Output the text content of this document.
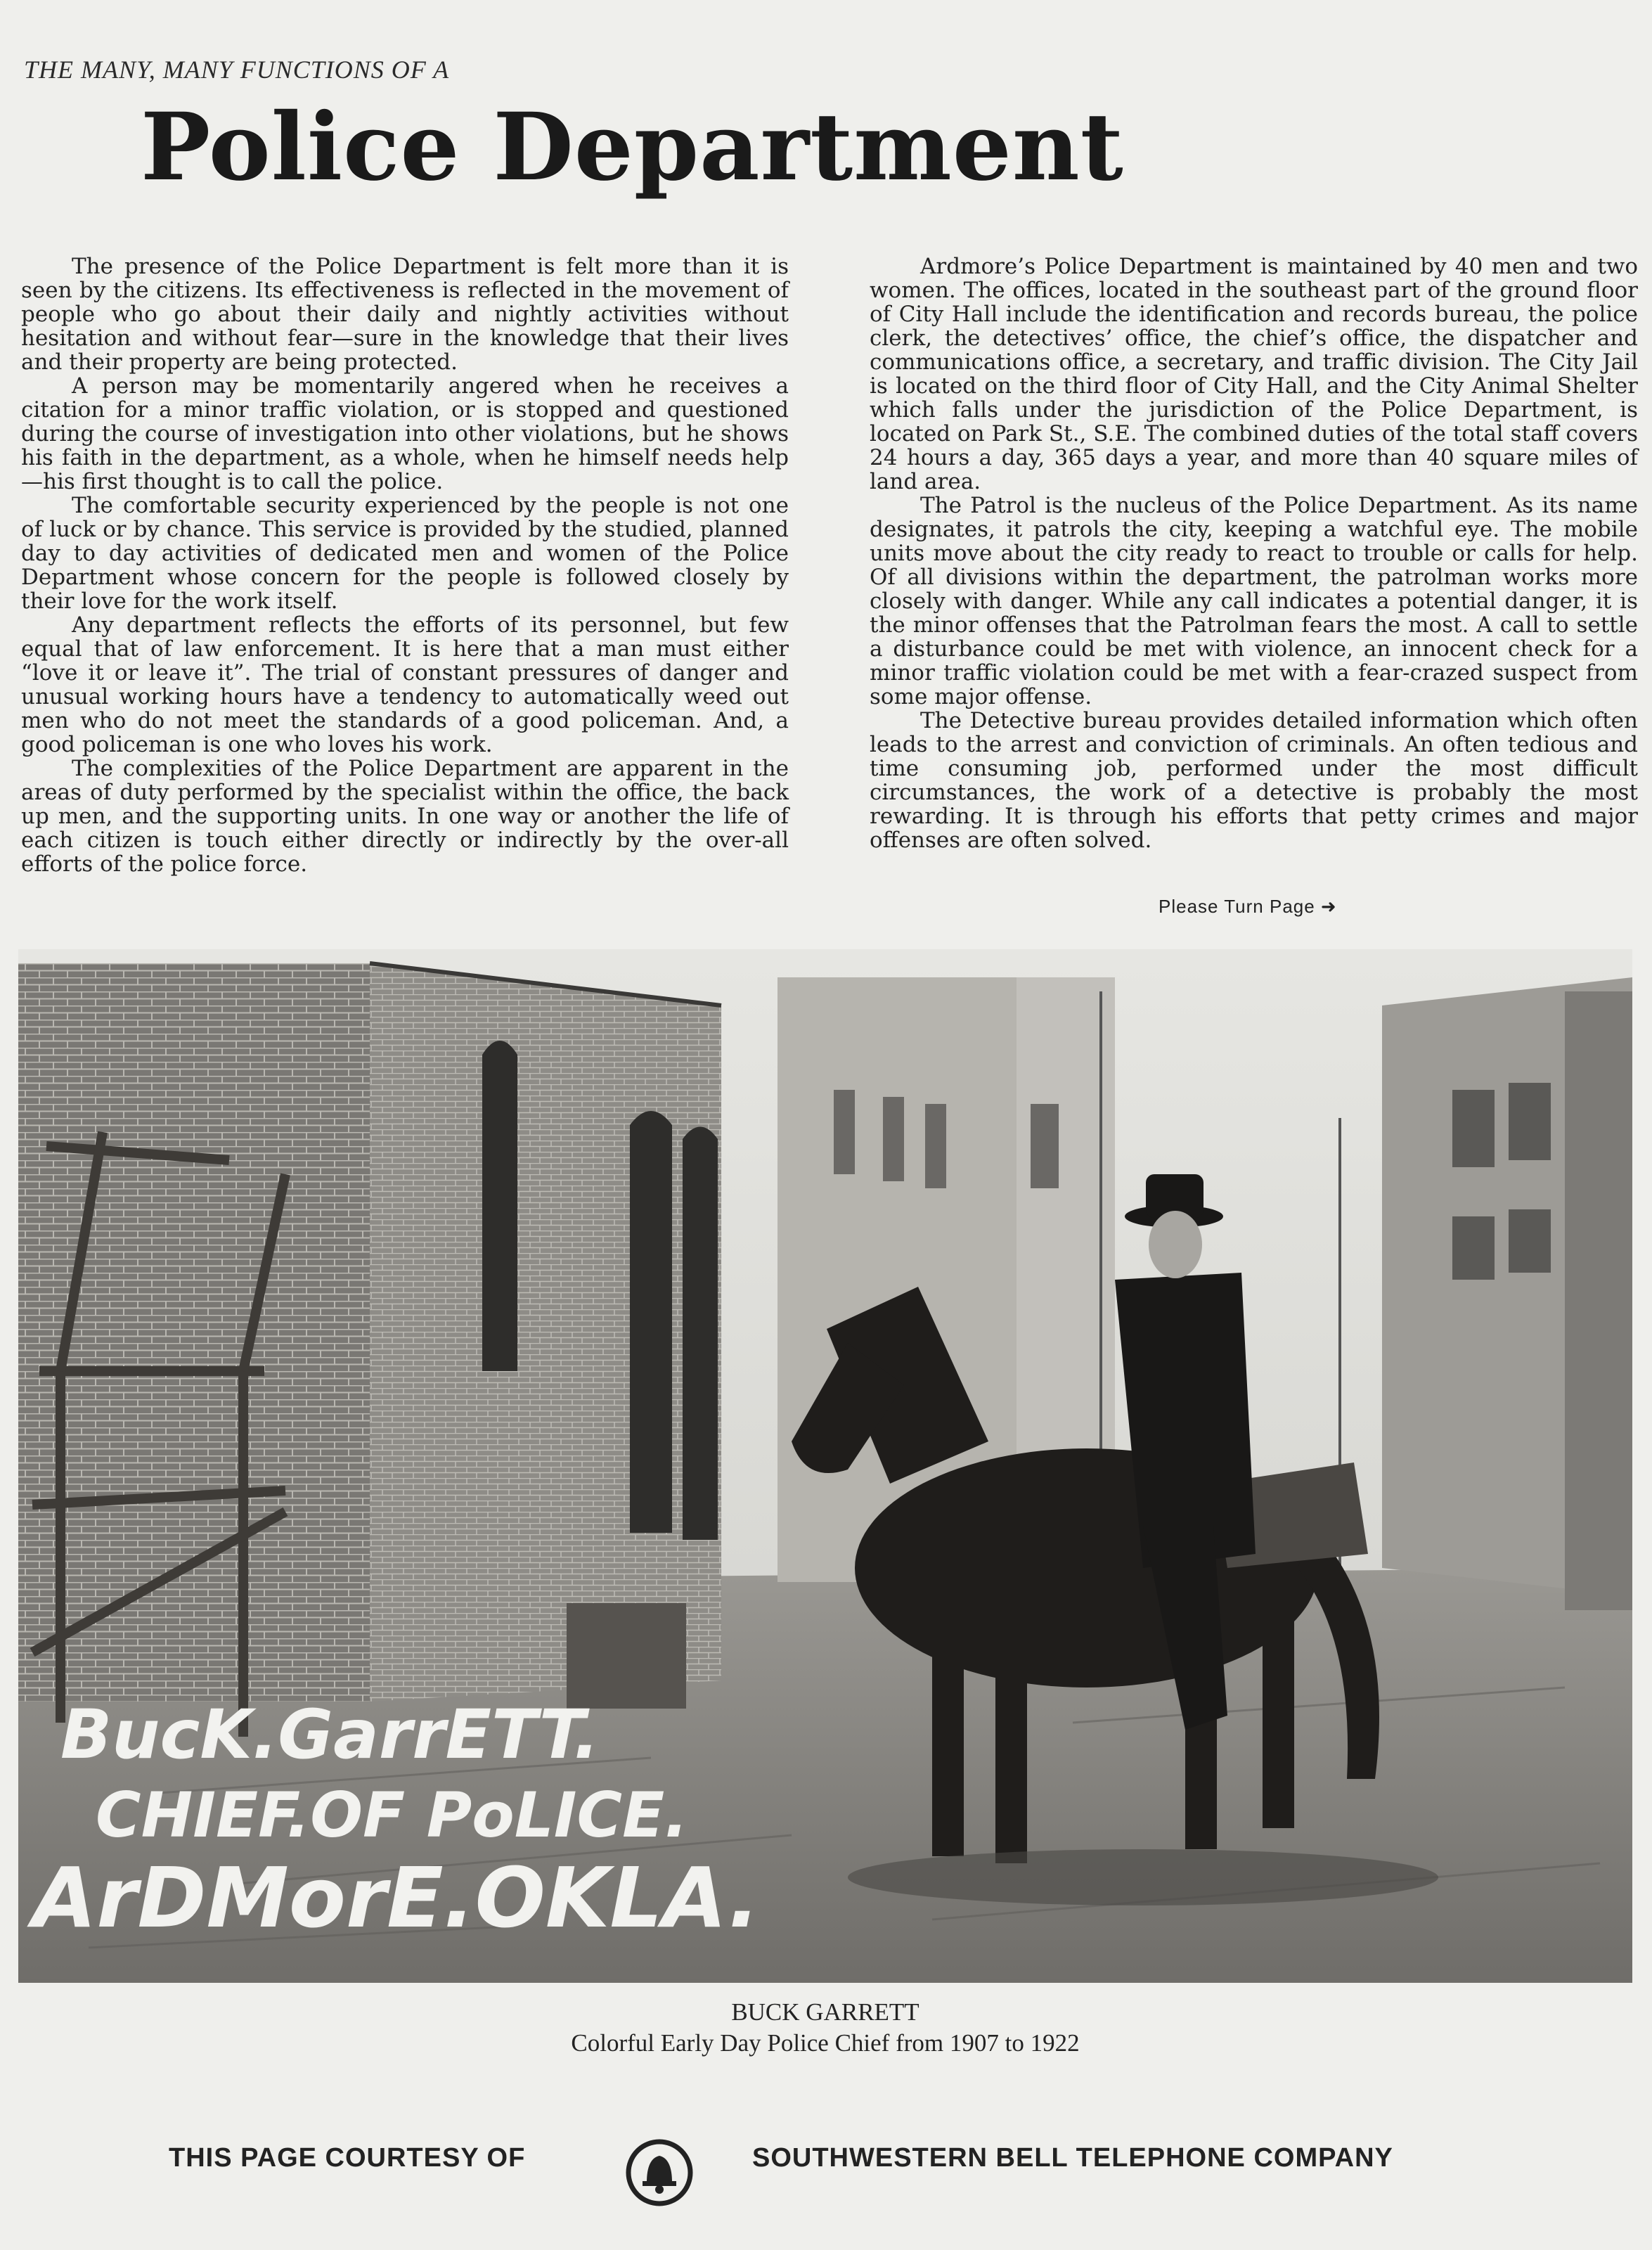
THE MANY, MANY FUNCTIONS OF A
Police Department

The presence of the Police Department is felt more than it is seen by the citizens. Its effectiveness is reflected in the movement of people who go about their daily and nightly activities without hesitation and without fear—sure in the knowledge that their lives and their property are being protected.

A person may be momentarily angered when he receives a citation for a minor traffic violation, or is stopped and questioned during the course of investigation into other violations, but he shows his faith in the department, as a whole, when he himself needs help—his first thought is to call the police.

The comfortable security experienced by the people is not one of luck or by chance. This service is provided by the studied, planned day to day activities of dedicated men and women of the Police Department whose concern for the people is followed closely by their love for the work itself.

Any department reflects the efforts of its personnel, but few equal that of law enforcement. It is here that a man must either “love it or leave it”. The trial of constant pressures of danger and unusual working hours have a tendency to automatically weed out men who do not meet the standards of a good policeman. And, a good policeman is one who loves his work.

The complexities of the Police Department are apparent in the areas of duty performed by the specialist within the office, the back up men, and the supporting units. In one way or another the life of each citizen is touch either directly or indirectly by the over-all efforts of the police force.

Ardmore’s Police Department is maintained by 40 men and two women. The offices, located in the southeast part of the ground floor of City Hall include the identification and records bureau, the police clerk, the detectives’ office, the chief’s office, the dispatcher and communications office, a secretary, and traffic division. The City Jail is located on the third floor of City Hall, and the City Animal Shelter which falls under the jurisdiction of the Police Department, is located on Park St., S.E. The combined duties of the total staff covers 24 hours a day, 365 days a year, and more than 40 square miles of land area.

The Patrol is the nucleus of the Police Department. As its name designates, it patrols the city, keeping a watchful eye. The mobile units move about the city ready to react to trouble or calls for help. Of all divisions within the department, the patrolman works more closely with danger. While any call indicates a potential danger, it is the minor offenses that the Patrolman fears the most. A call to settle a disturbance could be met with violence, an innocent check for a minor traffic violation could be met with a fear-crazed suspect from some major offense.

The Detective bureau provides detailed information which often leads to the arrest and conviction of criminals. An often tedious and time consuming job, performed under the most difficult circumstances, the work of a detective is probably the most rewarding. It is through his efforts that petty crimes and major offenses are often solved.

Please Turn Page ➜
BucK.GarrETT.
CHIEF.OF PoLICE.
ArDMorE.OKLA.
BUCK GARRETT
Colorful Early Day Police Chief from 1907 to 1922
THIS PAGE COURTESY OF	SOUTHWESTERN BELL TELEPHONE COMPANY
